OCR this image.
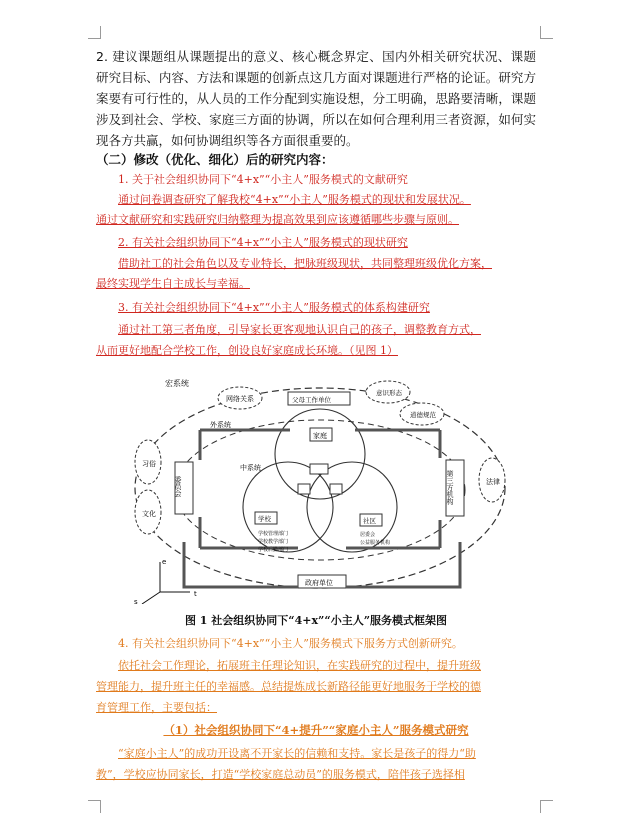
2. 建议课题组从课题提出的意义、核心概念界定、国内外相关研究状况、课题研究目标、内容、方法和课题的创新点这几方面对课题进行严格的论证。研究方案要有可行性的，从人员的工作分配到实施设想，分工明确，思路要清晰，课题涉及到社会、学校、家庭三方面的协调，所以在如何合理利用三者资源，如何实现各方共赢，如何协调组织等各方面很重要的。
（二）修改（优化、细化）后的研究内容：
1. 关于社会组织协同下“4+x”“小主人”服务模式的文献研究
通过问卷调查研究了解我校“4+x”“小主人”服务模式的现状和发展状况。
通过文献研究和实践研究归纳整理为提高效果到应该遵循哪些步骤与原则。
2. 有关社会组织协同下“4+x”“小主人”服务模式的现状研究
借助社工的社会角色以及专业特长，把脉班级现状，共同整理班级优化方案，
最终实现学生自主成长与幸福。
3. 有关社会组织协同下“4+x”“小主人”服务模式的体系构建研究
通过社工第三者角度，引导家长更客观地认识自己的孩子，调整教育方式，
从而更好地配合学校工作，创设良好家庭成长环境。（见图 1）
宏系统
网络关系	父母工作单位
意识形态
道德规范
习俗
文化
法律
外系统
中系统
委员会	第三方机构
家庭
学校	社区
政府单位
学校管理部门
学校教学部门
学校后勤部门
居委会
公益服务机构
t
s
e
图 1 社会组织协同下“4+x”“小主人”服务模式框架图
4. 有关社会组织协同下“4+x”“小主人”服务模式下服务方式创新研究。
依托社会工作理论，拓展班主任理论知识，在实践研究的过程中，提升班级
管理能力，提升班主任的幸福感。总结提炼成长新路径能更好地服务于学校的德
育管理工作，主要包括：
（1）社会组织协同下“4+提升”“家庭小主人”服务模式研究
“家庭小主人”的成功开设离不开家长的信赖和支持。家长是孩子的得力“助
教”，学校应协同家长，打造“学校家庭总动员”的服务模式，陪伴孩子选择相
